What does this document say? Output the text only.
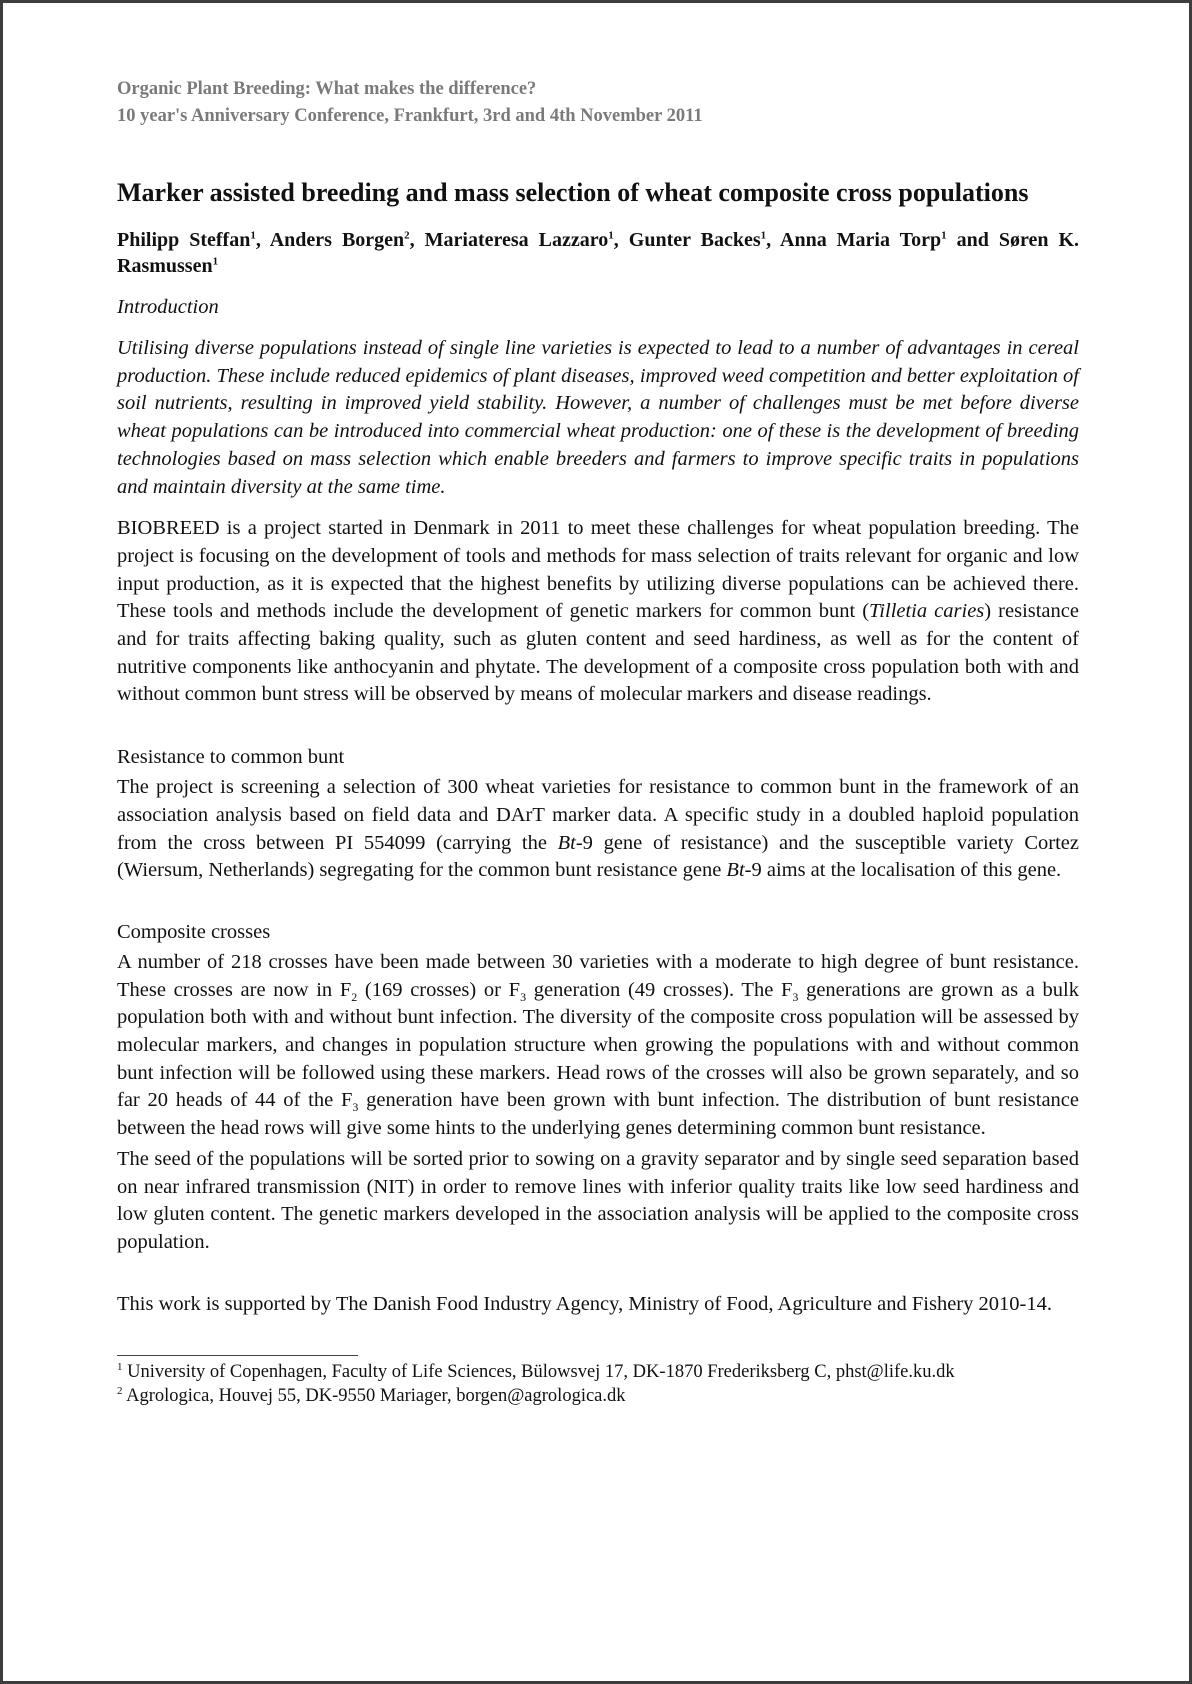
Organic Plant Breeding: What makes the difference?

10 year's Anniversary Conference, Frankfurt, 3rd and 4th November 2011

Marker assisted breeding and mass selection of wheat composite cross populations

Philipp Steffan$^1$, Anders Borgen$^2$, Mariateresa Lazzaro$^1$, Gunter Backes$^1$, Anna Maria Torp$^1$ and Søren K. Rasmussen$^1$

Introduction

Utilising diverse populations instead of single line varieties is expected to lead to a number of advantages in cereal production. These include reduced epidemics of plant diseases, improved weed competition and better exploitation of soil nutrients, resulting in improved yield stability. However, a number of challenges must be met before diverse wheat populations can be introduced into commercial wheat production: one of these is the development of breeding technologies based on mass selection which enable breeders and farmers to improve specific traits in populations and maintain diversity at the same time.

BIOBREED is a project started in Denmark in 2011 to meet these challenges for wheat population breeding. The project is focusing on the development of tools and methods for mass selection of traits relevant for organic and low input production, as it is expected that the highest benefits by utilizing diverse populations can be achieved there. These tools and methods include the development of genetic markers for common bunt (Tilletia caries) resistance and for traits affecting baking quality, such as gluten content and seed hardiness, as well as for the content of nutritive components like anthocyanin and phytate. The development of a composite cross population both with and without common bunt stress will be observed by means of molecular markers and disease readings.

Resistance to common bunt

The project is screening a selection of 300 wheat varieties for resistance to common bunt in the framework of an association analysis based on field data and DArT marker data. A specific study in a doubled haploid population from the cross between PI 554099 (carrying the Bt-9 gene of resistance) and the susceptible variety Cortez (Wiersum, Netherlands) segregating for the common bunt resistance gene Bt-9 aims at the localisation of this gene.

Composite crosses

A number of 218 crosses have been made between 30 varieties with a moderate to high degree of bunt resistance. These crosses are now in $F_2$ (169 crosses) or $F_3$ generation (49 crosses). The $F_3$ generations are grown as a bulk population both with and without bunt infection. The diversity of the composite cross population will be assessed by molecular markers, and changes in population structure when growing the populations with and without common bunt infection will be followed using these markers. Head rows of the crosses will also be grown separately, and so far 20 heads of 44 of the $F_3$ generation have been grown with bunt infection. The distribution of bunt resistance between the head rows will give some hints to the underlying genes determining common bunt resistance.

The seed of the populations will be sorted prior to sowing on a gravity separator and by single seed separation based on near infrared transmission (NIT) in order to remove lines with inferior quality traits like low seed hardiness and low gluten content. The genetic markers developed in the association analysis will be applied to the composite cross population.

This work is supported by The Danish Food Industry Agency, Ministry of Food, Agriculture and Fishery 2010-14.

$^1$ University of Copenhagen, Faculty of Life Sciences, Bülowsvej 17, DK-1870 Frederiksberg C, phst@life.ku.dk

$^2$ Agrologica, Houvej 55, DK-9550 Mariager, borgen@agrologica.dk
